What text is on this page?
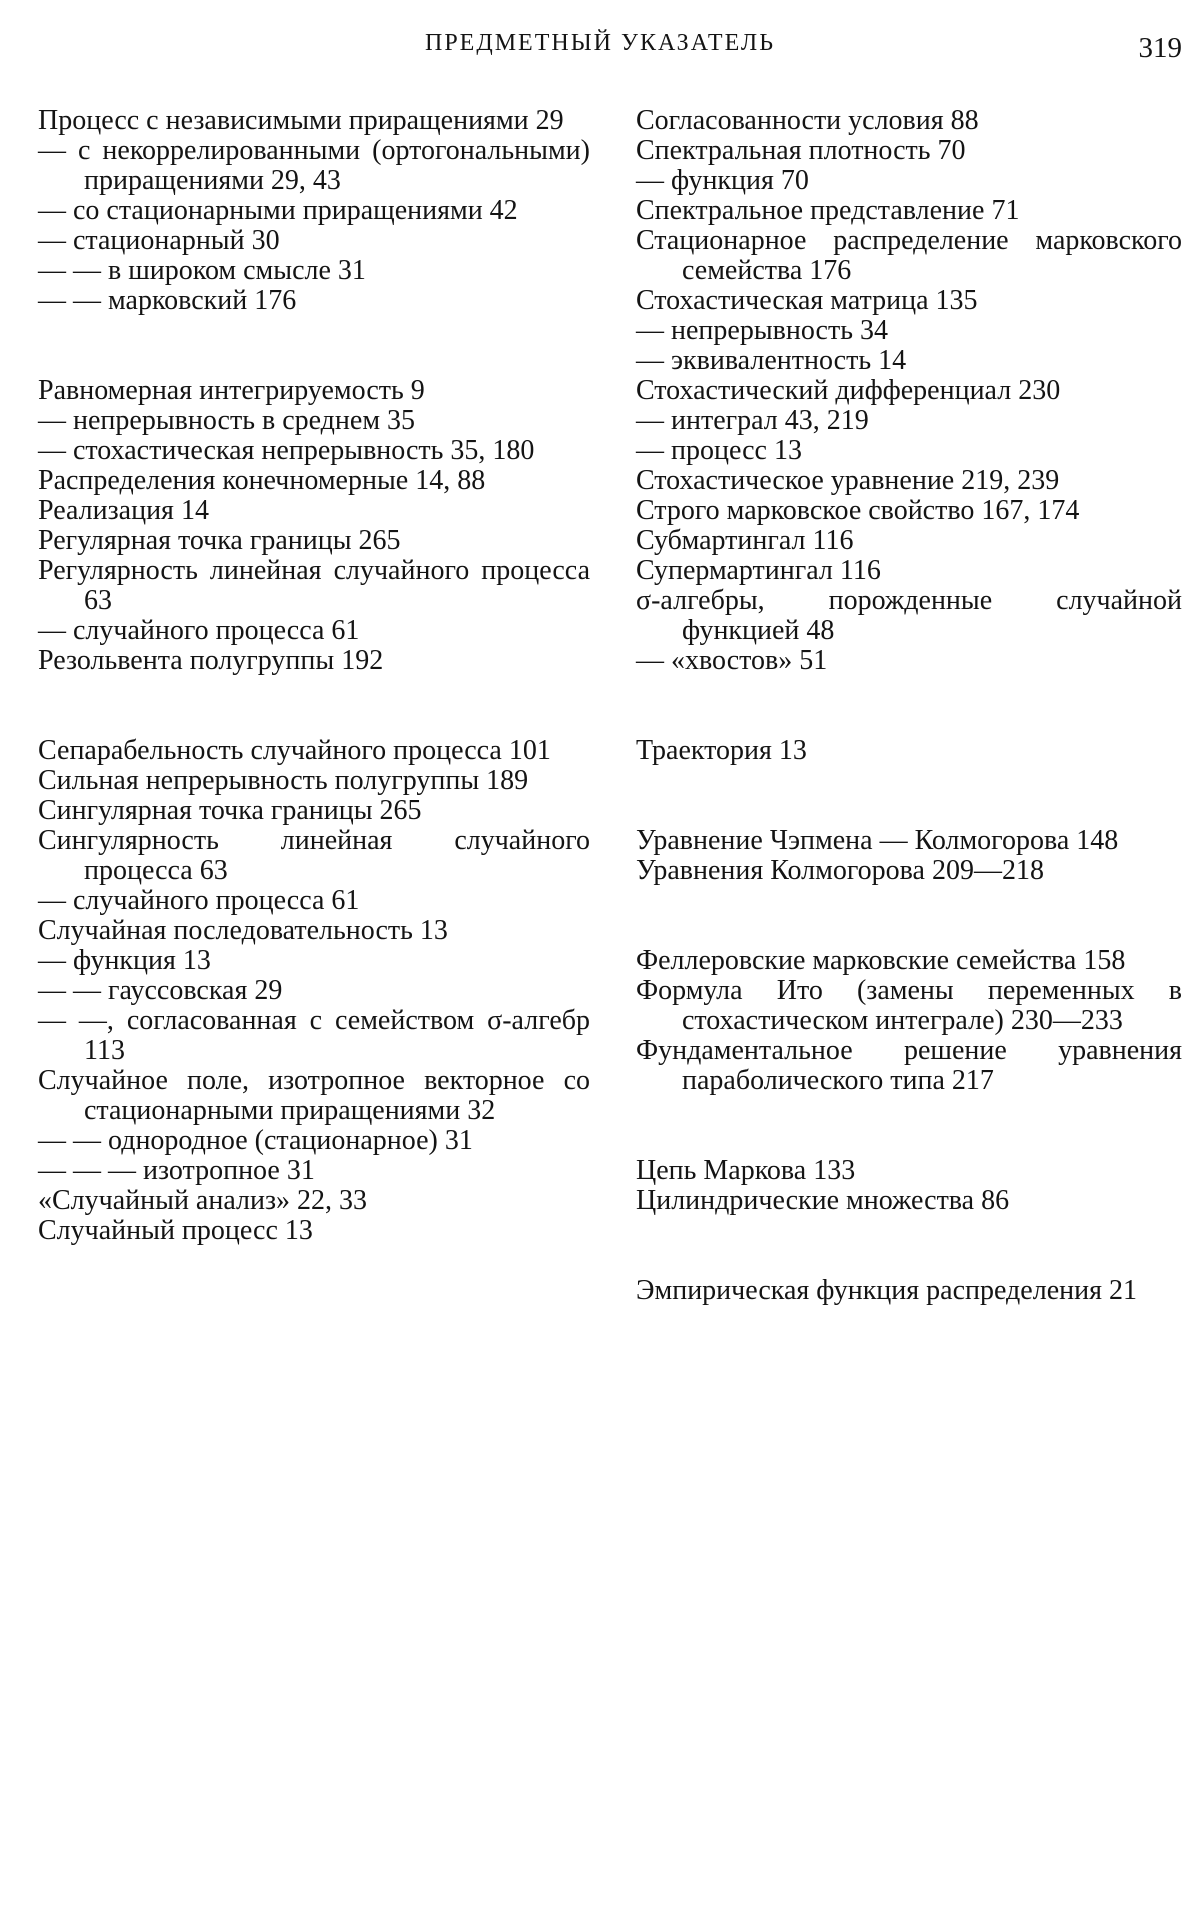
ПРЕДМЕТНЫЙ УКАЗАТЕЛЬ	319
Процесс с независимыми приращениями 29
— с некоррелированными (ортогональными) приращениями 29, 43
— со стационарными приращениями 42
— стационарный 30
— — в широком смысле 31
— — марковский 176
Равномерная интегрируемость 9
— непрерывность в среднем 35
— стохастическая непрерывность 35, 180
Распределения конечномерные 14, 88
Реализация 14
Регулярная точка границы 265
Регулярность линейная случайного процесса 63
— случайного процесса 61
Резольвента полугруппы 192
Сепарабельность случайного процесса 101
Сильная непрерывность полугруппы 189
Сингулярная точка границы 265
Сингулярность линейная случайного процесса 63
— случайного процесса 61
Случайная последовательность 13
— функция 13
— — гауссовская 29
— —, согласованная с семейством σ-алгебр 113
Случайное поле, изотропное векторное со стационарными приращениями 32
— — однородное (стационарное) 31
— — — изотропное 31
«Случайный анализ» 22, 33
Случайный процесс 13
Согласованности условия 88
Спектральная плотность 70
— функция 70
Спектральное представление 71
Стационарное распределение марковского семейства 176
Стохастическая матрица 135
— непрерывность 34
— эквивалентность 14
Стохастический дифференциал 230
— интеграл 43, 219
— процесс 13
Стохастическое уравнение 219, 239
Строго марковское свойство 167, 174
Субмартингал 116
Супермартингал 116
σ-алгебры, порожденные случайной функцией 48
— «хвостов» 51
Траектория 13
Уравнение Чэпмена — Колмогорова 148
Уравнения Колмогорова 209—218
Феллеровские марковские семейства 158
Формула Ито (замены переменных в стохастическом интеграле) 230—233
Фундаментальное решение уравнения параболического типа 217
Цепь Маркова 133
Цилиндрические множества 86
Эмпирическая функция распределения 21
